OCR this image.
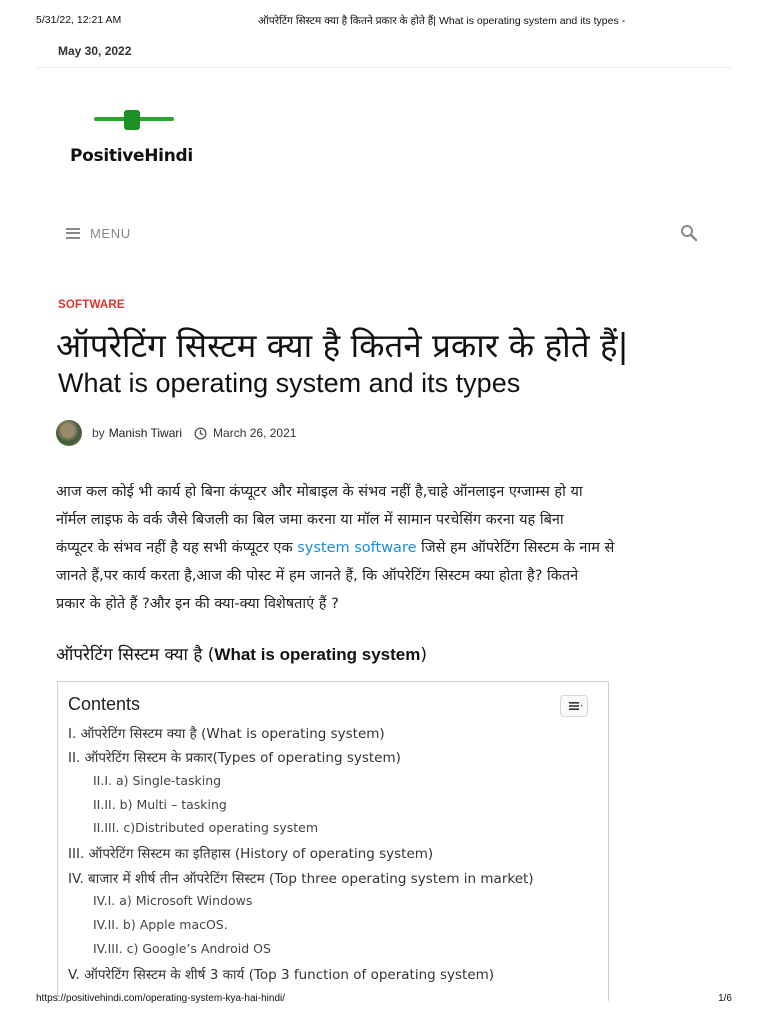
5/31/22, 12:21 AM	ऑपरेटिंग सिस्टम क्या है कितने प्रकार के होते हैं| What is operating system and its types -
May 30, 2022
PositiveHindi
MENU
SOFTWARE
ऑपरेटिंग सिस्टम क्या है कितने प्रकार के होते हैं|
What is operating system and its types
by Manish Tiwari	March 26, 2021
आज कल कोई भी कार्य हो बिना कंप्यूटर और मोबाइल के संभव नहीं है,चाहे ऑनलाइन एग्जाम्स हो या
नॉर्मल लाइफ के वर्क जैसे बिजली का बिल जमा करना या मॉल में सामान परचेसिंग करना यह बिना
कंप्यूटर के संभव नहीं है यह सभी कंप्यूटर एक system software जिसे हम ऑपरेटिंग सिस्टम के नाम से
जानते हैं,पर कार्य करता है,आज की पोस्ट में हम जानते हैं, कि ऑपरेटिंग सिस्टम क्या होता है? कितने
प्रकार के होते हैं ?और इन की क्या-क्या विशेषताएं हैं ?
ऑपरेटिंग सिस्टम क्या है (What is operating system)
Contents
I. ऑपरेटिंग सिस्टम क्या है (What is operating system)
II. ऑपरेटिंग सिस्टम के प्रकार(Types of operating system)
II.I. a) Single-tasking
II.II. b) Multi – tasking
II.III. c)Distributed operating system
III. ऑपरेटिंग सिस्टम का इतिहास (History of operating system)
IV. बाजार में शीर्ष तीन ऑपरेटिंग सिस्टम (Top three operating system in market)
IV.I. a) Microsoft Windows
IV.II. b) Apple macOS.
IV.III. c) Google’s Android OS
V. ऑपरेटिंग सिस्टम के शीर्ष 3 कार्य (Top 3 function of operating system)
https://positivehindi.com/operating-system-kya-hai-hindi/	1/6
